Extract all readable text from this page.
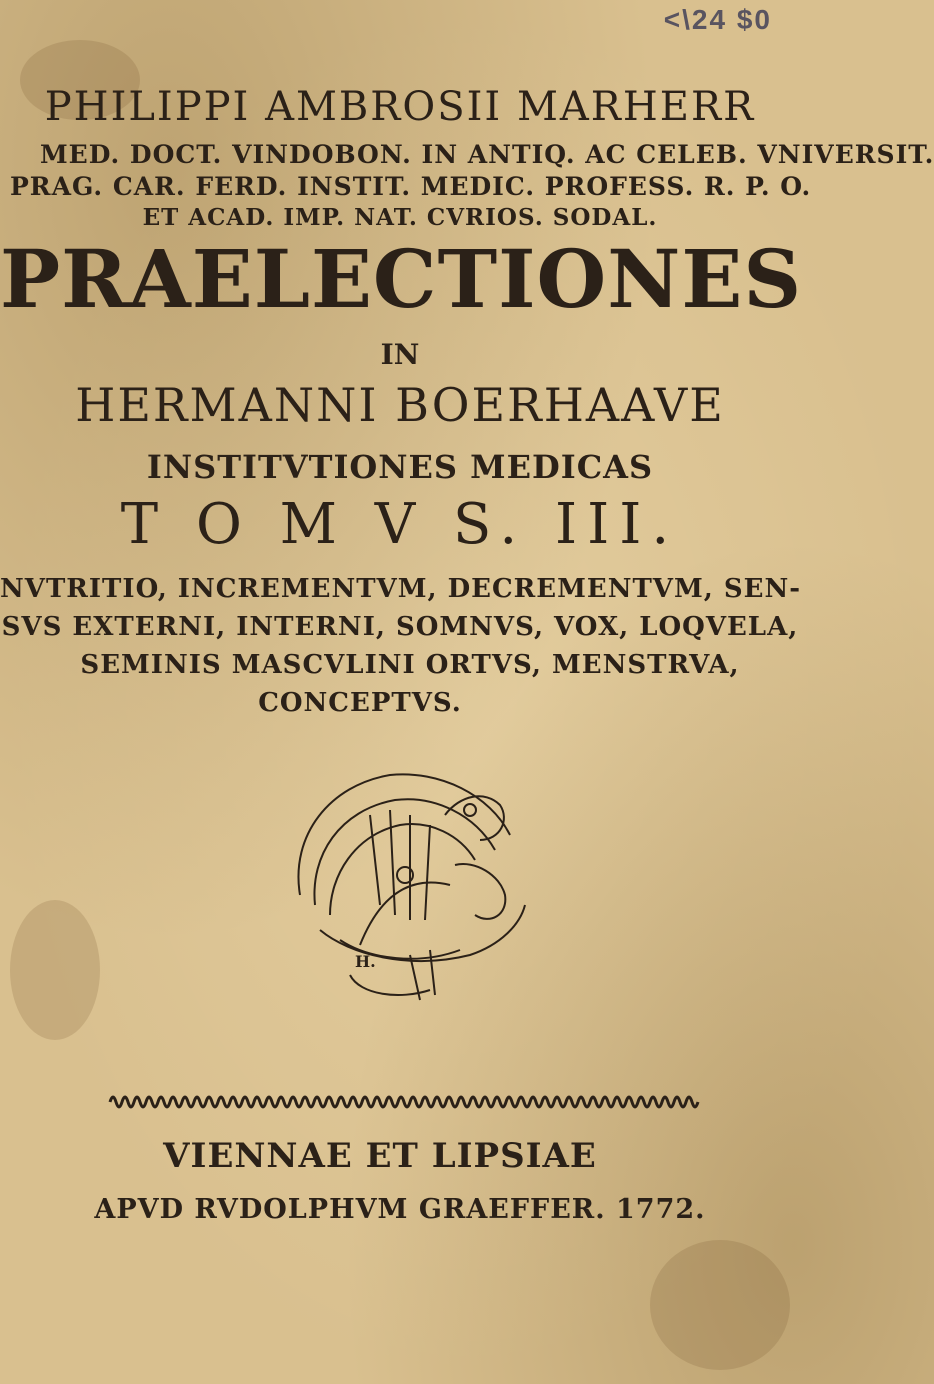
<\24 $0
PHILIPPI AMBROSII MARHERR
MED. DOCT. VINDOBON. IN ANTIQ. AC CELEB. VNIVERSIT.
PRAG. CAR. FERD. INSTIT. MEDIC. PROFESS. R. P. O.
ET ACAD. IMP. NAT. CVRIOS. SODAL.
PRAELECTIONES
IN
HERMANNI BOERHAAVE
INSTITVTIONES MEDICAS
T O M V S. III.
NVTRITIO, INCREMENTVM, DECREMENTVM, SEN-
SVS EXTERNI, INTERNI, SOMNVS, VOX, LOQVELA,
SEMINIS MASCVLINI ORTVS, MENSTRVA,
CONCEPTVS.
H.
VIENNAE ET LIPSIAE
APVD RVDOLPHVM GRAEFFER. 1772.
